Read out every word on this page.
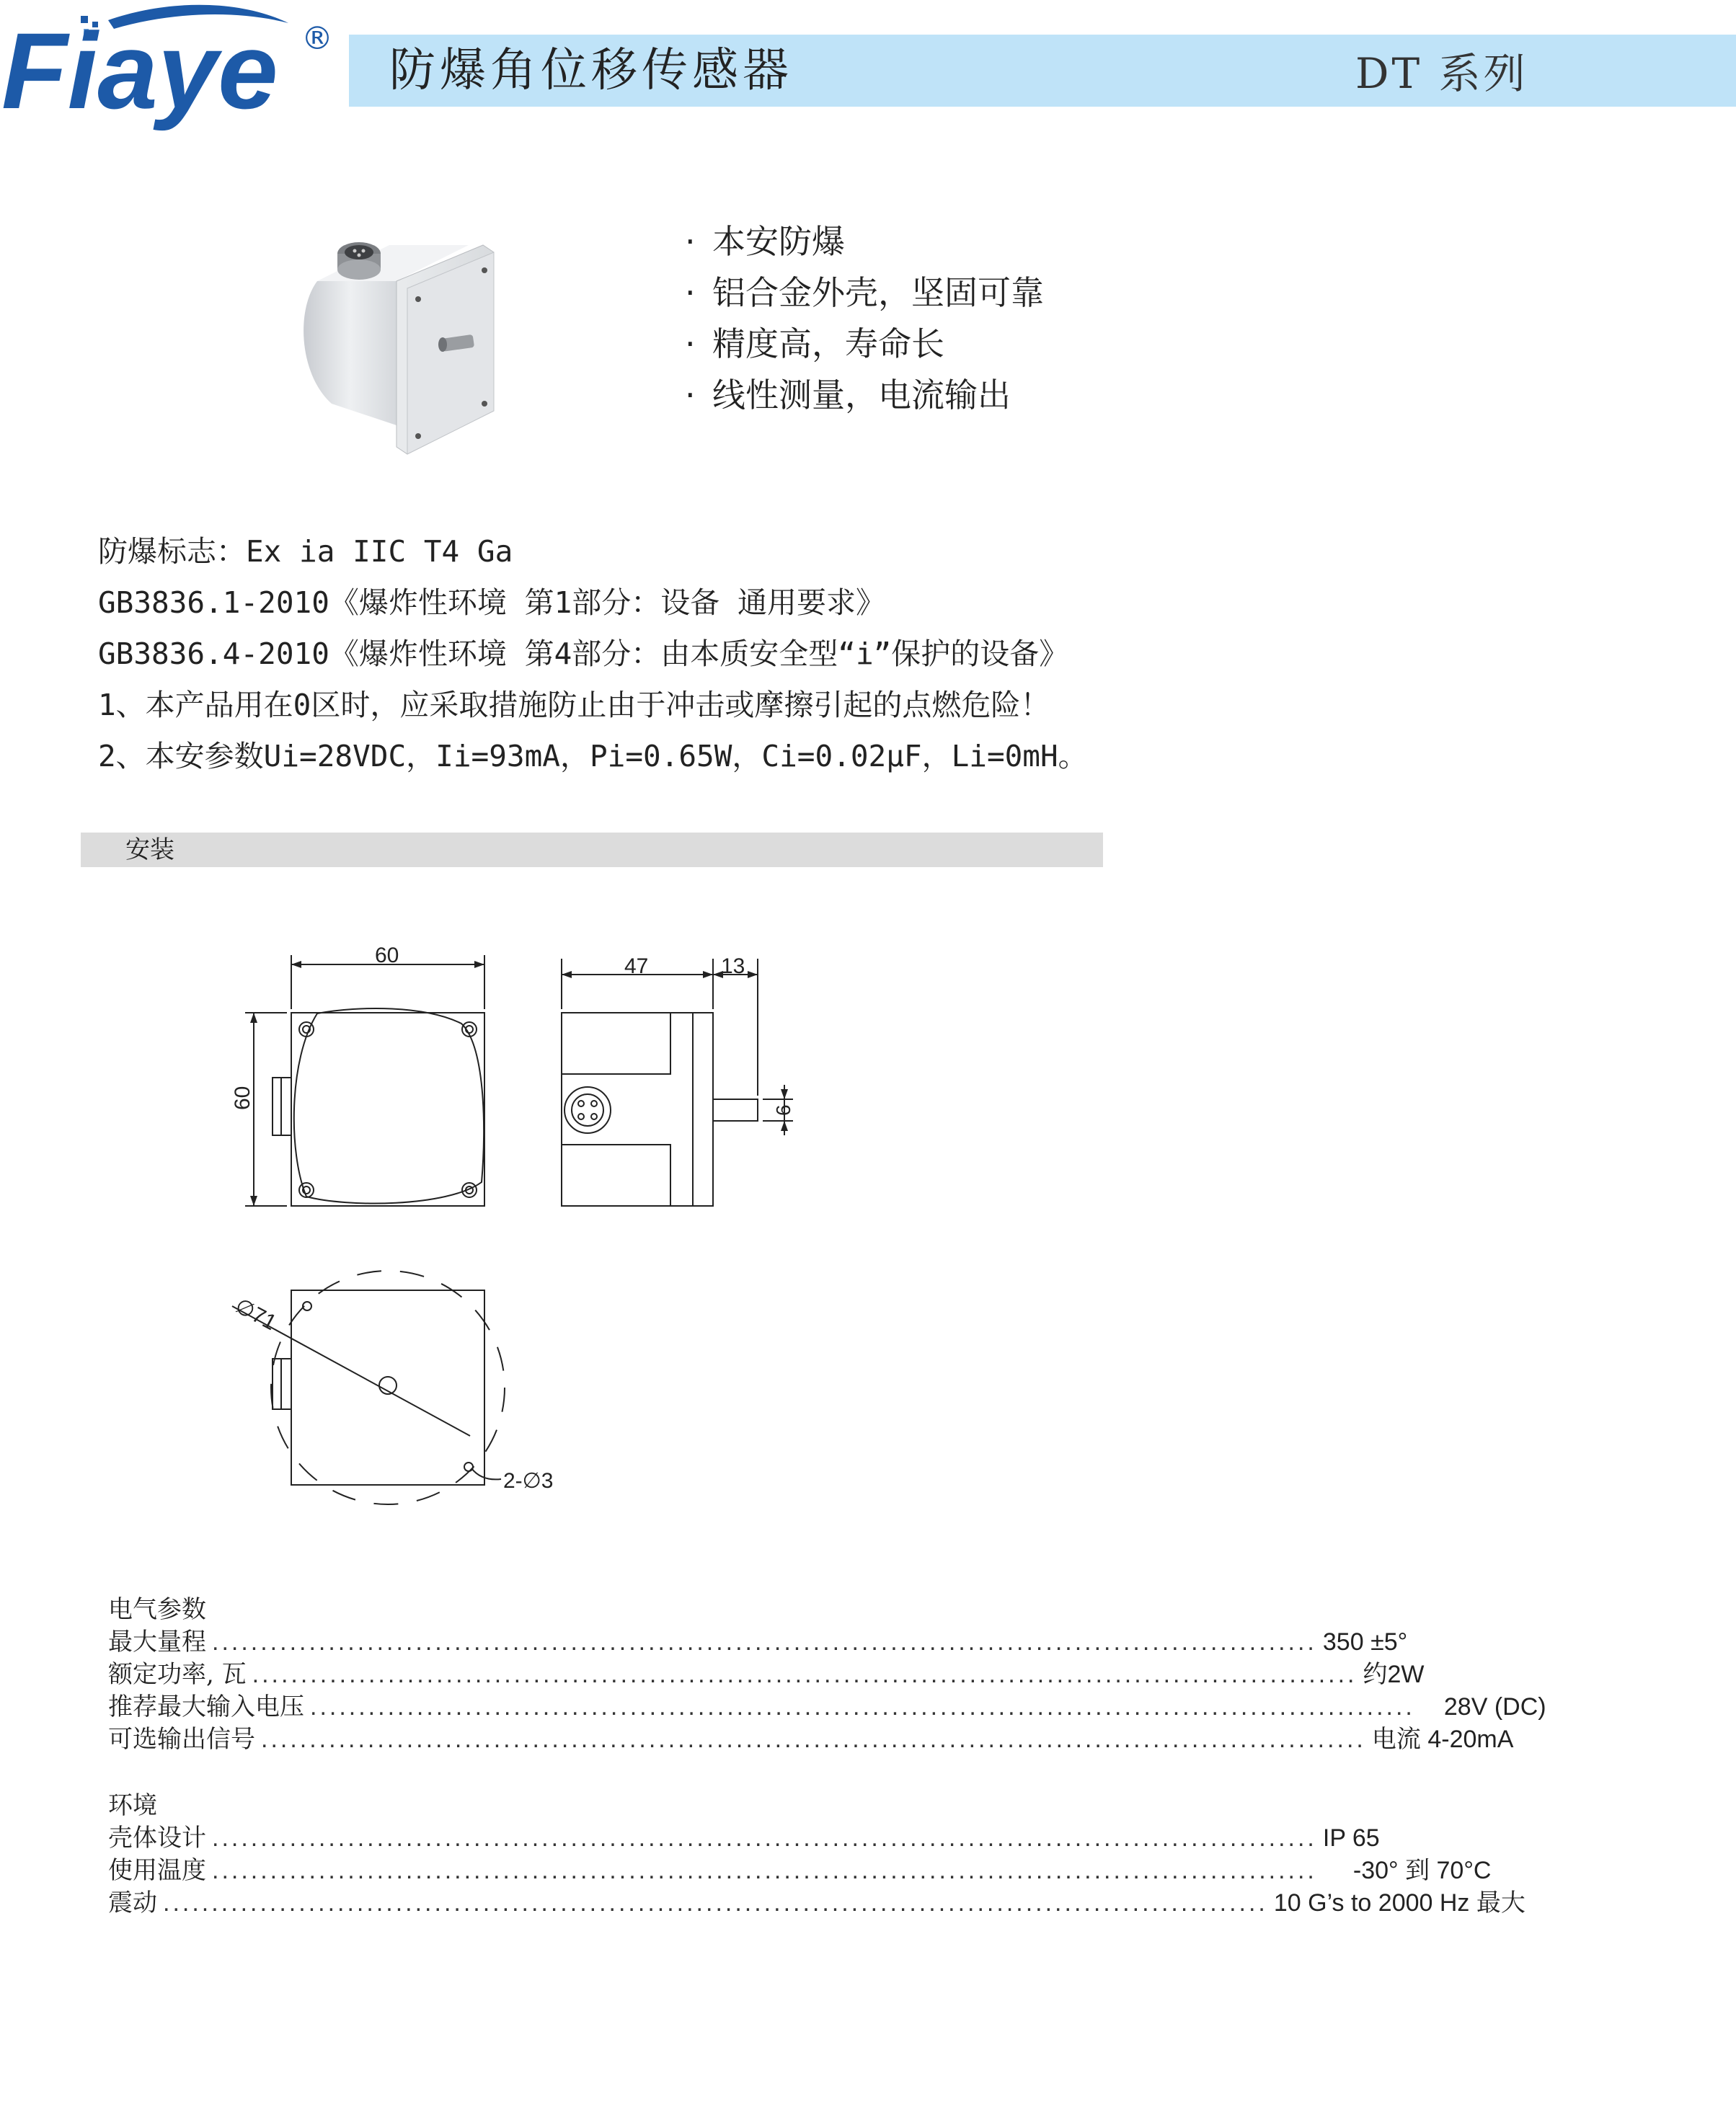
Fiaye ®
防爆角位移传感器	DT 系列
· 本安防爆
· 铝合金外壳，坚固可靠
· 精度高，寿命长
· 线性测量，电流输出
防爆标志：Ex ia IIC T4 Ga
GB3836.1-2010《爆炸性环境 第1部分：设备 通用要求》
GB3836.4-2010《爆炸性环境 第4部分：由本质安全型“i”保护的设备》
1、本产品用在0区时，应采取措施防止由于冲击或摩擦引起的点燃危险！
2、本安参数Ui=28VDC，Ii=93mA，Pi=0.65W，Ci=0.02μF，Li=0mH。
安装
60
60
47	13
6
∅71
2-∅3
电气参数
最大量程 .................................................................................................................. 350 ±5°
额定功率, 瓦 .................................................................................................................. 约2W
推荐最大输入电压 .................................................................................................................. 28V (DC)
可选输出信号 .................................................................................................................. 电流 4-20mA
环境
壳体设计 .................................................................................................................. IP 65
使用温度 .................................................................................................................. -30° 到 70°C
震动 .................................................................................................................. 10 G’s to 2000 Hz 最大
